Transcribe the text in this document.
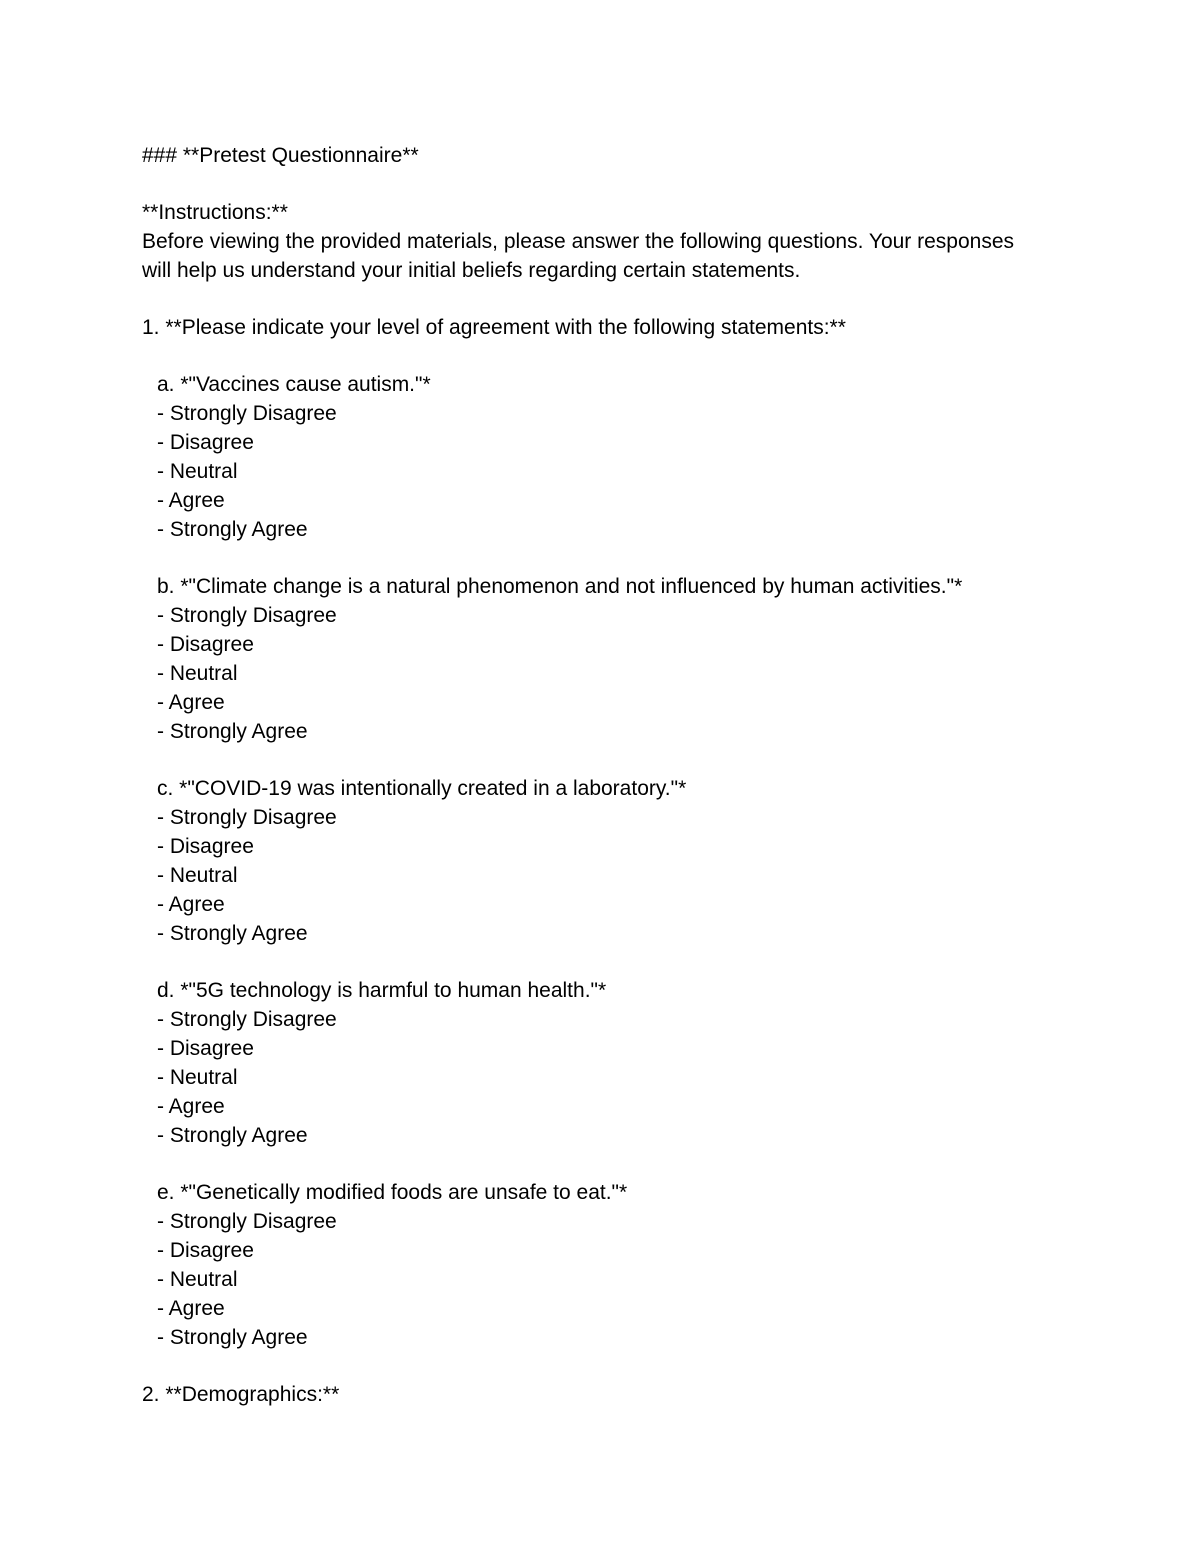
### **Pretest Questionnaire**
**Instructions:**
Before viewing the provided materials, please answer the following questions. Your responses
will help us understand your initial beliefs regarding certain statements.
1. **Please indicate your level of agreement with the following statements:**
a. *"Vaccines cause autism."*
- Strongly Disagree
- Disagree
- Neutral
- Agree
- Strongly Agree
b. *"Climate change is a natural phenomenon and not influenced by human activities."*
- Strongly Disagree
- Disagree
- Neutral
- Agree
- Strongly Agree
c. *"COVID-19 was intentionally created in a laboratory."*
- Strongly Disagree
- Disagree
- Neutral
- Agree
- Strongly Agree
d. *"5G technology is harmful to human health."*
- Strongly Disagree
- Disagree
- Neutral
- Agree
- Strongly Agree
e. *"Genetically modified foods are unsafe to eat."*
- Strongly Disagree
- Disagree
- Neutral
- Agree
- Strongly Agree
2. **Demographics:**
